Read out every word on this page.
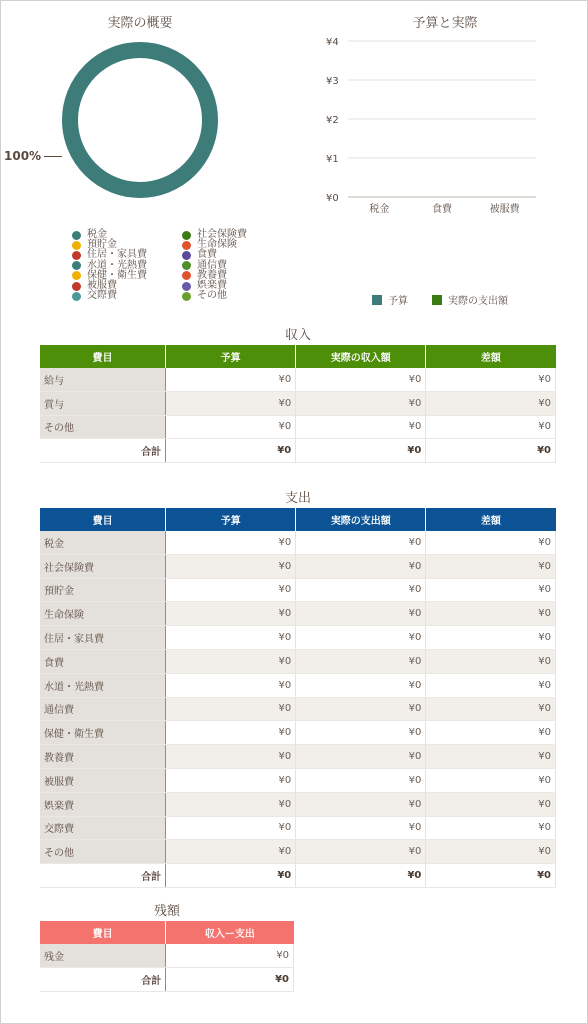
実際の概要
100%
税金
預貯金
住居・家具費
水道・光熱費
保健・衛生費
被服費
交際費
社会保険費
生命保険
食費
通信費
教養費
娯楽費
その他
予算と実際
¥0
¥1
¥2
¥3
¥4
税金	食費	被服費
予算	実際の支出額
収入
費目	予算	実際の収入額	差額
給与	¥0	¥0	¥0
賞与	¥0	¥0	¥0
その他	¥0	¥0	¥0
合計	¥0	¥0	¥0
支出
費目	予算	実際の支出額	差額
税金	¥0	¥0	¥0
社会保険費	¥0	¥0	¥0
預貯金	¥0	¥0	¥0
生命保険	¥0	¥0	¥0
住居・家具費	¥0	¥0	¥0
食費	¥0	¥0	¥0
水道・光熱費	¥0	¥0	¥0
通信費	¥0	¥0	¥0
保健・衛生費	¥0	¥0	¥0
教養費	¥0	¥0	¥0
被服費	¥0	¥0	¥0
娯楽費	¥0	¥0	¥0
交際費	¥0	¥0	¥0
その他	¥0	¥0	¥0
合計	¥0	¥0	¥0
残額
費目	収入ー支出
残金	¥0
合計	¥0
